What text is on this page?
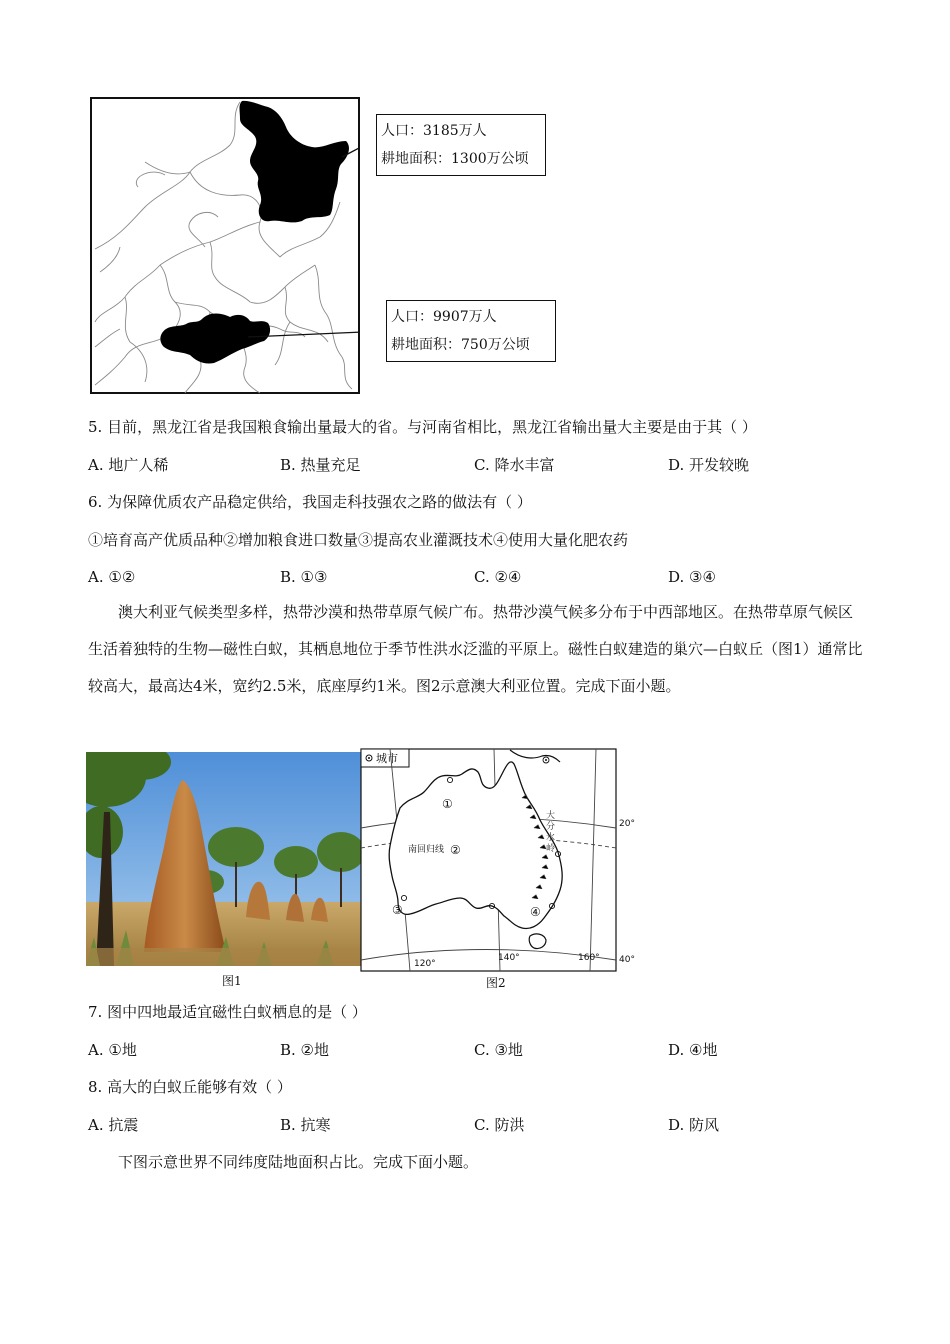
人口：3185万人
耕地面积：1300万公顷
人口：9907万人
耕地面积：750万公顷
5. 目前，黑龙江省是我国粮食输出量最大的省。与河南省相比，黑龙江省输出量大主要是由于其（ ）
A. 地广人稀	B. 热量充足	C. 降水丰富	D. 开发较晚
6. 为保障优质农产品稳定供给，我国走科技强农之路的做法有（ ）
①培育高产优质品种②增加粮食进口数量③提高农业灌溉技术④使用大量化肥农药
A. ①②	B. ①③	C. ②④	D. ③④
澳大利亚气候类型多样，热带沙漠和热带草原气候广布。热带沙漠气候多分布于中西部地区。在热带草原气候区生活着独特的生物—磁性白蚁，其栖息地位于季节性洪水泛滥的平原上。磁性白蚁建造的巢穴—白蚁丘（图1）通常比较高大，最高达4米，宽约2.5米，底座厚约1米。图2示意澳大利亚位置。完成下面小题。
图1
城市
大分水岭
①
②
南回归线
③	④
20°
40°
120°
140°	160°
图2
7. 图中四地最适宜磁性白蚁栖息的是（ ）
A. ①地	B. ②地	C. ③地	D. ④地
8. 高大的白蚁丘能够有效（ ）
A. 抗震	B. 抗寒	C. 防洪	D. 防风
下图示意世界不同纬度陆地面积占比。完成下面小题。
